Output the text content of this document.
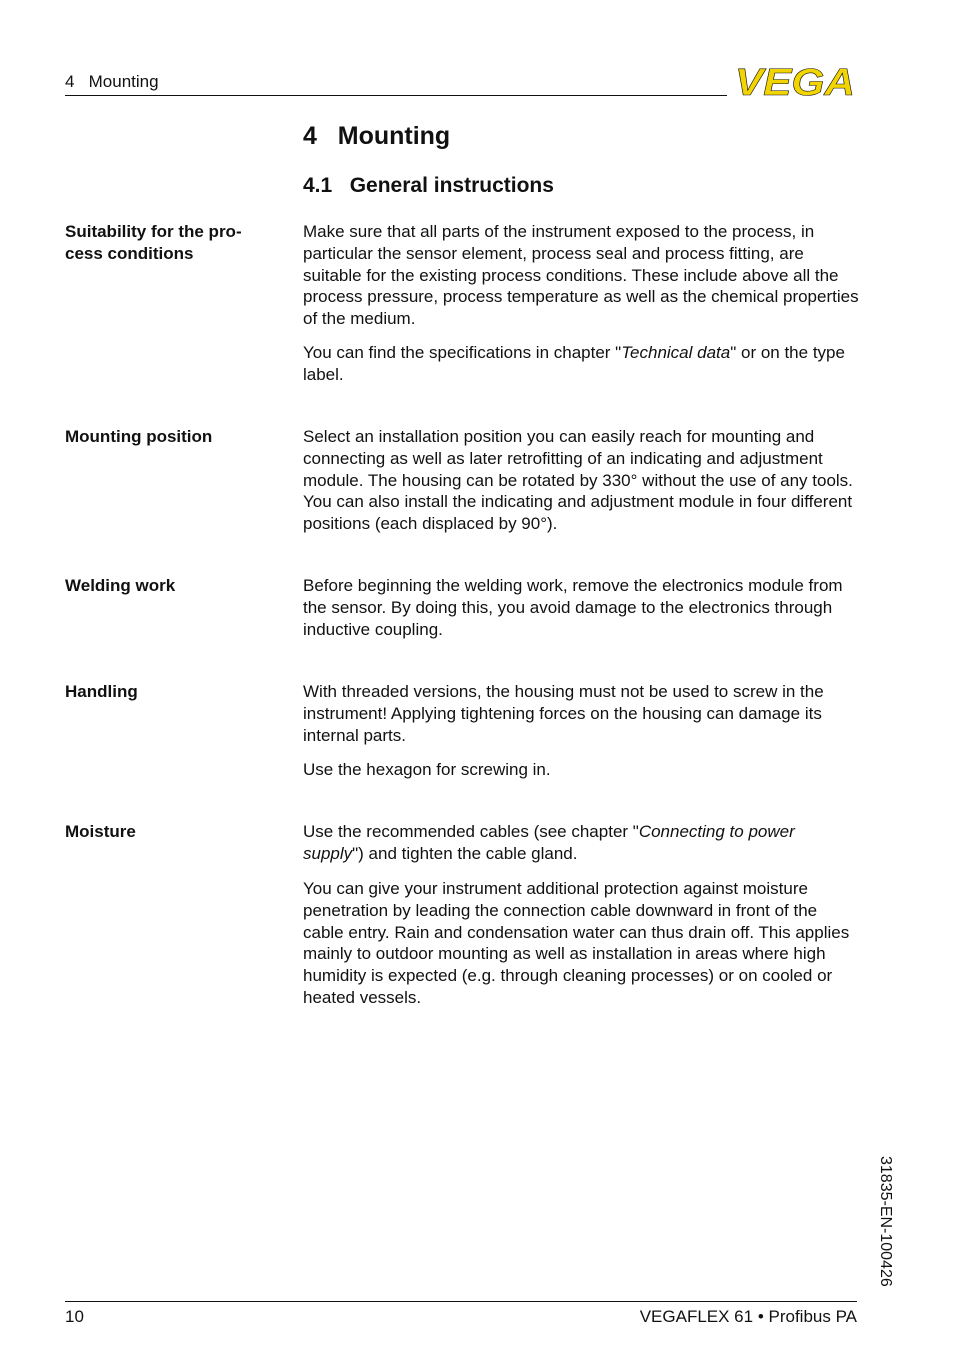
4   Mounting	VEGA
4   Mounting
4.1   General instructions
Suitability for the pro-
cess conditions

Make sure that all parts of the instrument exposed to the process, in particular the sensor element, process seal and process fitting, are suitable for the existing process conditions. These include above all the process pressure, process temperature as well as the chemical properties of the medium.

You can find the specifications in chapter "Technical data" or on the type label.

Mounting position	Select an installation position you can easily reach for mounting and connecting as well as later retrofitting of an indicating and adjustment module. The housing can be rotated by 330° without the use of any tools. You can also install the indicating and adjustment module in four different positions (each displaced by 90°).

Welding work	Before beginning the welding work, remove the electronics module from the sensor. By doing this, you avoid damage to the electronics through inductive coupling.

Handling	With threaded versions, the housing must not be used to screw in the instrument! Applying tightening forces on the housing can damage its internal parts.

Use the hexagon for screwing in.

Moisture	Use the recommended cables (see chapter "Connecting to power supply") and tighten the cable gland.

You can give your instrument additional protection against moisture penetration by leading the connection cable downward in front of the cable entry. Rain and condensation water can thus drain off. This applies mainly to outdoor mounting as well as installation in areas where high humidity is expected (e.g. through cleaning processes) or on cooled or heated vessels.

31835-EN-100426
10	VEGAFLEX 61 • Profibus PA
